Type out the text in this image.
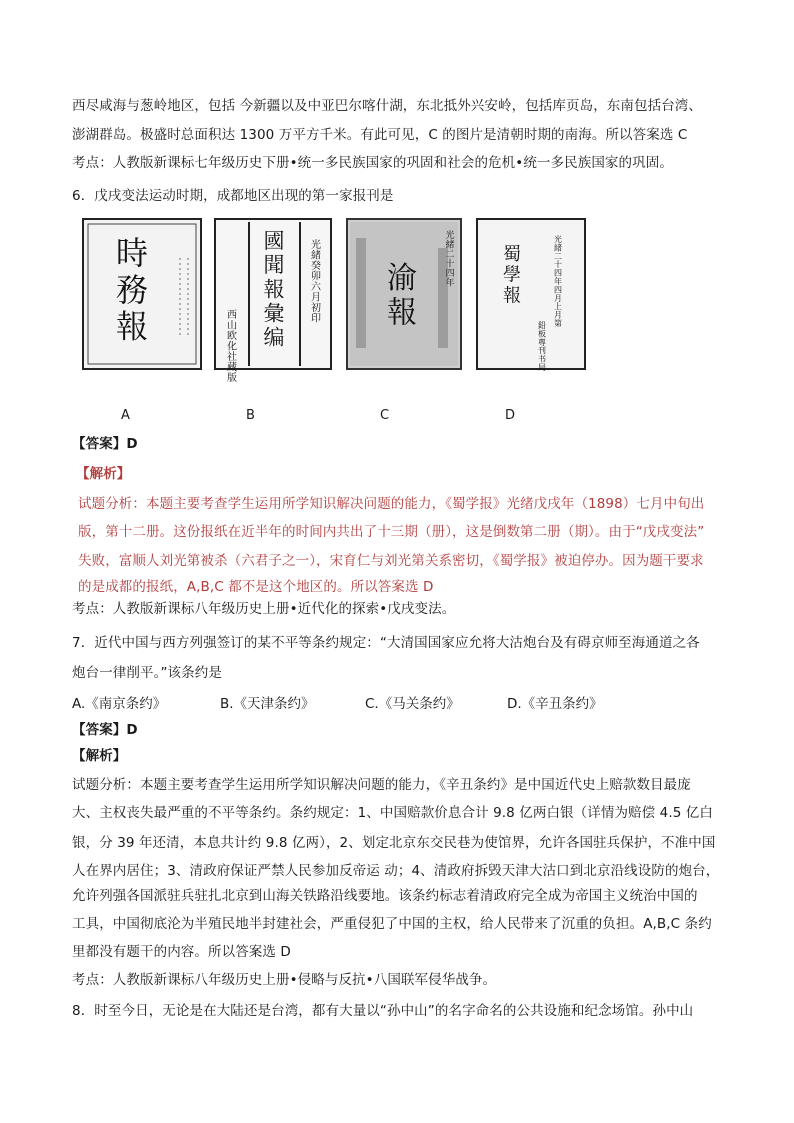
西尽咸海与葱岭地区，包括 今新疆以及中亚巴尔喀什湖，东北抵外兴安岭，包括库页岛，东南包括台湾、
澎湖群岛。极盛时总面积达 1300 万平方千米。有此可见，C 的图片是清朝时期的南海。所以答案选 C
考点：人教版新课标七年级历史下册•统一多民族国家的巩固和社会的危机•统一多民族国家的巩固。
6．戊戌变法运动时期，成都地区出现的第一家报刊是
時務報
國聞報彙编
光緒癸卯六月初印
西山欧化社藏版
渝報
光緒二十四年
蜀學報
光緒二十四年四月上月第
鉛板專刊书局
A	B	C	D
【答案】D
【解析】
试题分析：本题主要考查学生运用所学知识解决问题的能力，《蜀学报》光绪戊戌年（1898）七月中旬出
版，第十二册。这份报纸在近半年的时间内共出了十三期（册），这是倒数第二册（期）。由于“戊戌变法”
失败，富顺人刘光第被杀（六君子之一），宋育仁与刘光第关系密切，《蜀学报》被迫停办。因为题干要求
的是成都的报纸，A,B,C 都不是这个地区的。所以答案选 D
考点：人教版新课标八年级历史上册•近代化的探索•戊戌变法。
7．近代中国与西方列强签订的某不平等条约规定：“大清国国家应允将大沽炮台及有碍京师至海通道之各
炮台一律削平。”该条约是
A.《南京条约》	B.《天津条约》	C.《马关条约》	D.《辛丑条约》
【答案】D
【解析】
试题分析：本题主要考查学生运用所学知识解决问题的能力，《辛丑条约》是中国近代史上赔款数目最庞
大、主权丧失最严重的不平等条约。条约规定：1、中国赔款价息合计 9.8 亿两白银（详情为赔偿 4.5 亿白
银，分 39 年还清，本息共计约 9.8 亿两），2、划定北京东交民巷为使馆界，允许各国驻兵保护，不准中国
人在界内居住；3、清政府保证严禁人民参加反帝运 动；4、清政府拆毁天津大沽口到北京沿线设防的炮台，
允许列强各国派驻兵驻扎北京到山海关铁路沿线要地。该条约标志着清政府完全成为帝国主义统治中国的
工具，中国彻底沦为半殖民地半封建社会，严重侵犯了中国的主权，给人民带来了沉重的负担。A,B,C 条约
里都没有题干的内容。所以答案选 D
考点：人教版新课标八年级历史上册•侵略与反抗•八国联军侵华战争。
8．时至今日，无论是在大陆还是台湾，都有大量以“孙中山”的名字命名的公共设施和纪念场馆。孙中山
